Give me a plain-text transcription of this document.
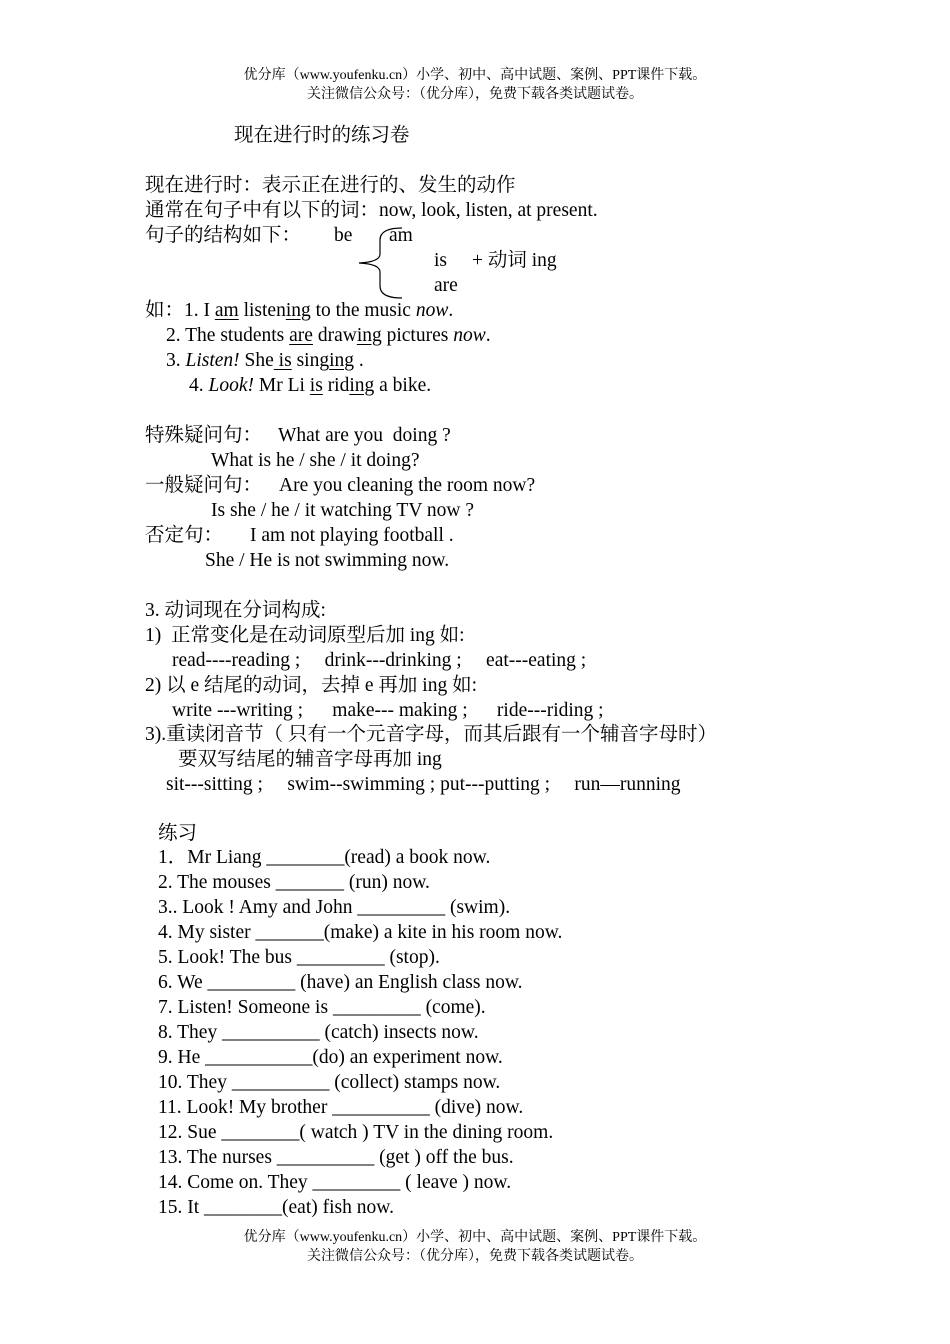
优分库（www.youfenku.cn）小学、初中、高中试题、案例、PPT课件下载。
关注微信公众号：（优分库），免费下载各类试题试卷。
现在进行时的练习卷
现在进行时：表示正在进行的、发生的动作
通常在句子中有以下的词：now, look, listen, at present.
句子的结构如下： be am
is + 动词 ing
are
如：1. I am listening to the music now.
2. The students are drawing pictures now.
3. Listen! She is singing .
4. Look! Mr Li is riding a bike.
特殊疑问句： What are you  doing ?
What is he / she / it doing?
一般疑问句： Are you cleaning the room now?
Is she / he / it watching TV now ?
否定句： I am not playing football .
She / He is not swimming now.
3. 动词现在分词构成:
1)  正常变化是在动词原型后加 ing 如:
read----reading ;     drink---drinking ;     eat---eating ;
2) 以 e 结尾的动词，去掉 e 再加 ing 如:
write ---writing ;      make--- making ;      ride---riding ;
3).重读闭音节（ 只有一个元音字母，而其后跟有一个辅音字母时）
要双写结尾的辅音字母再加 ing
sit---sitting ;     swim--swimming ; put---putting ;     run—running
练习
1．Mr Liang ________(read) a book now.
2. The mouses _______ (run) now.
3.. Look ! Amy and John _________ (swim).
4. My sister _______(make) a kite in his room now.
5. Look! The bus _________ (stop).
6. We _________ (have) an English class now.
7. Listen! Someone is _________ (come).
8. They __________ (catch) insects now.
9. He ___________(do) an experiment now.
10. They __________ (collect) stamps now.
11. Look! My brother __________ (dive) now.
12. Sue ________( watch ) TV in the dining room.
13. The nurses __________ (get ) off the bus.
14. Come on. They _________ ( leave ) now.
15. It ________(eat) fish now.
优分库（www.youfenku.cn）小学、初中、高中试题、案例、PPT课件下载。
关注微信公众号：（优分库），免费下载各类试题试卷。
